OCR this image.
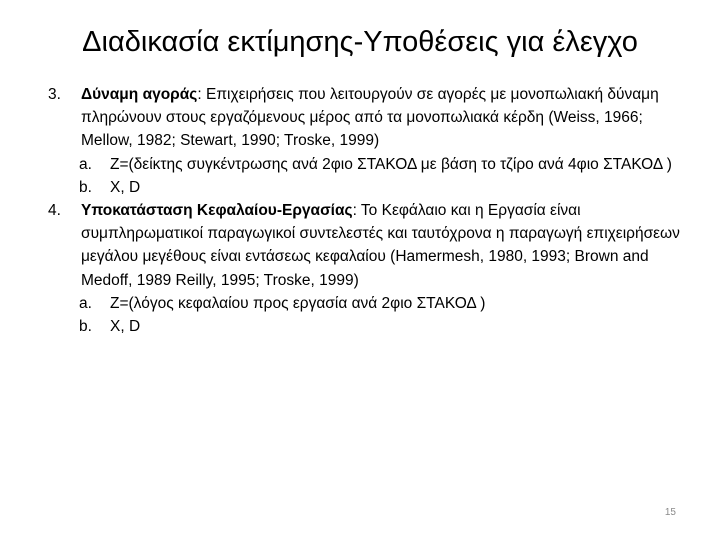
Διαδικασία εκτίμησης-Υποθέσεις για έλεγχο
3. Δύναμη αγοράς: Επιχειρήσεις που λειτουργούν σε αγορές με μονοπωλιακή δύναμη πληρώνουν στους εργαζόμενους μέρος από τα μονοπωλιακά κέρδη (Weiss, 1966; Mellow, 1982; Stewart, 1990; Troske, 1999)
a. Z=(δείκτης συγκέντρωσης ανά 2φιο ΣΤΑΚΟΔ με βάση το τζίρο ανά 4φιο ΣΤΑΚΟΔ )
b. X, D
4. Υποκατάσταση Κεφαλαίου-Εργασίας: Το Κεφάλαιο και η Εργασία είναι συμπληρωματικοί παραγωγικοί συντελεστές και ταυτόχρονα η παραγωγή επιχειρήσεων μεγάλου μεγέθους είναι εντάσεως κεφαλαίου (Hamermesh, 1980, 1993; Brown and Medoff, 1989 Reilly, 1995; Troske, 1999)
a. Z=(λόγος κεφαλαίου προς εργασία ανά 2φιο ΣΤΑΚΟΔ )
b. X, D
15
